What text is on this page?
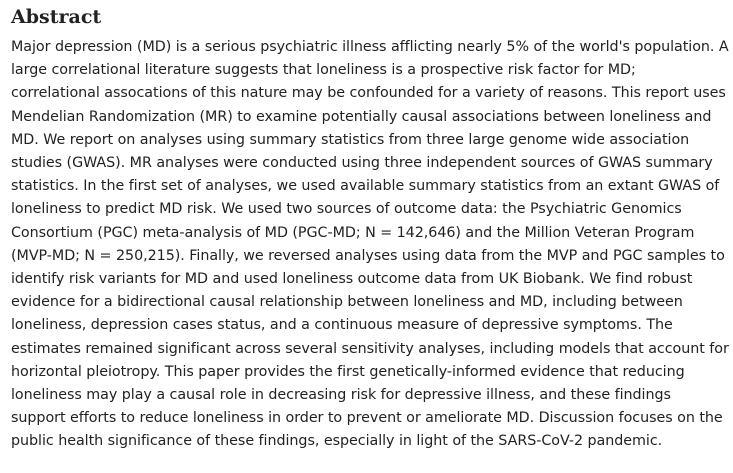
Abstract

Major depression (MD) is a serious psychiatric illness afflicting nearly 5% of the world's population. A large correlational literature suggests that loneliness is a prospective risk factor for MD; correlational assocations of this nature may be confounded for a variety of reasons. This report uses Mendelian Randomization (MR) to examine potentially causal associations between loneliness and MD. We report on analyses using summary statistics from three large genome wide association studies (GWAS). MR analyses were conducted using three independent sources of GWAS summary statistics. In the first set of analyses, we used available summary statistics from an extant GWAS of loneliness to predict MD risk. We used two sources of outcome data: the Psychiatric Genomics Consortium (PGC) meta-analysis of MD (PGC-MD; N = 142,646) and the Million Veteran Program (MVP-MD; N = 250,215). Finally, we reversed analyses using data from the MVP and PGC samples to identify risk variants for MD and used loneliness outcome data from UK Biobank. We find robust evidence for a bidirectional causal relationship between loneliness and MD, including between loneliness, depression cases status, and a continuous measure of depressive symptoms. The estimates remained significant across several sensitivity analyses, including models that account for horizontal pleiotropy. This paper provides the first genetically-informed evidence that reducing loneliness may play a causal role in decreasing risk for depressive illness, and these findings support efforts to reduce loneliness in order to prevent or ameliorate MD. Discussion focuses on the public health significance of these findings, especially in light of the SARS-CoV-2 pandemic.
